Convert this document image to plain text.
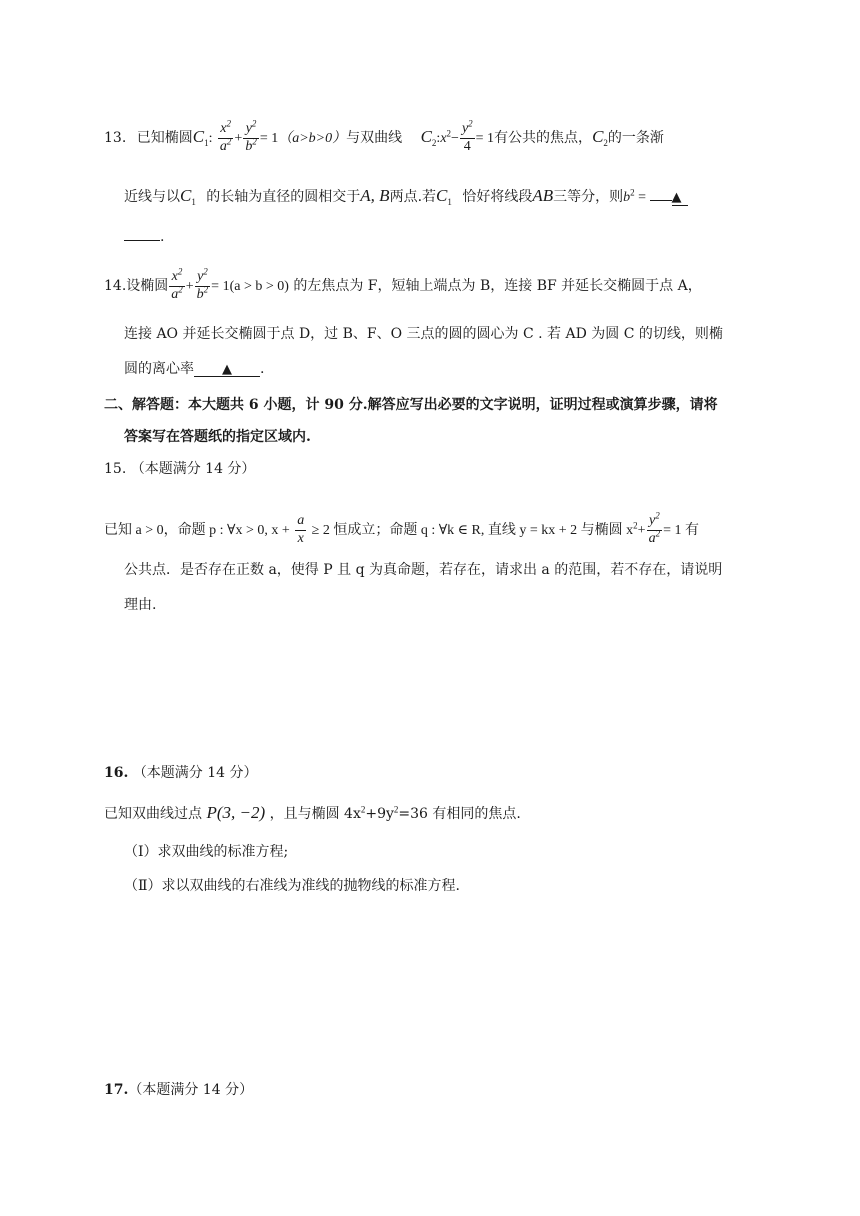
13. 已知椭圆$C_1$: $\frac{x^2}{a^2} + \frac{y^2}{b^2} = 1(a>b>0)$与双曲线 $C_2:x^2- \frac{y^2}{4} = 1$有公共的焦点，$C_2$的一条渐
近线与以$C_1$ 的长轴为直径的圆相交于A, B两点.若$C_1$ 恰好将线段AB三等分，则$b^2$ = ▲
.
14.设椭圆 $\frac{x^2}{a^2} + \frac{y^2}{b^2} = 1(a > b > 0)$ 的左焦点为 F，短轴上端点为 B，连接 BF 并延长交椭圆于点 A，
连接 AO 并延长交椭圆于点 D，过 B、F、O 三点的圆的圆心为 C . 若 AD 为圆 C 的切线，则椭
圆的离心率 ▲ .
二、解答题：本大题共 6 小题，计 90 分.解答应写出必要的文字说明，证明过程或演算步骤，请将
答案写在答题纸的指定区域内.
15. （本题满分 14 分）
已知 a > 0，命题 p : ∀x > 0, $x + \frac{a}{x} \ge 2$ 恒成立；命题 q : ∀k ∈ R, 直线 y = kx + 2 与椭圆 $x^2+ \frac{y^2}{a^2} = 1$ 有
公共点．是否存在正数 a，使得 P 且 q 为真命题，若存在，请求出 a 的范围，若不存在，请说明
理由.
16. （本题满分 14 分）
已知双曲线过点 P(3, −2) ，且与椭圆 $4x^2+9y^2=36$ 有相同的焦点.
（Ⅰ）求双曲线的标准方程;
（Ⅱ）求以双曲线的右准线为准线的抛物线的标准方程.
17.（本题满分 14 分）
